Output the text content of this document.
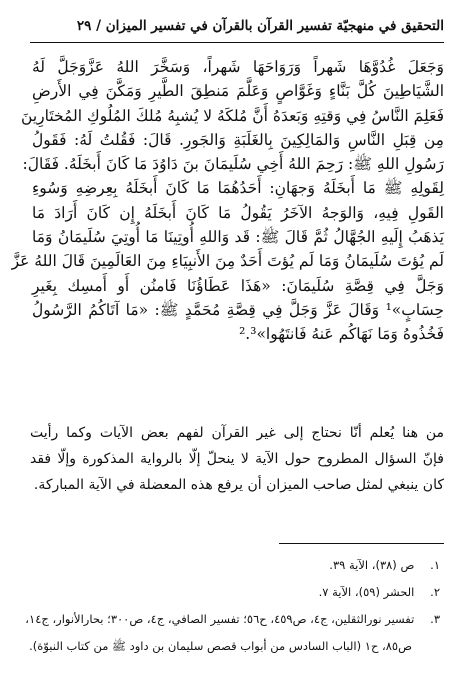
التحقيق في منهجيّة تفسير القرآن بالقرآن في تفسير الميزان / ٢٩
وَجَعَلَ غُدُوَّهَا شَهراً وَرَوَاحَهَا شَهراً، وَسَخَّرَ اللهُ عَزَّوَجَلَّ لَهُ
الشَّيَاطِينَ كُلَّ بَنَّاءٍ وَغَوَّاصٍ وَعَلَّمَ مَنطِقَ الطَّيرِ وَمَكَّنَ فِي الأَرضِ
فَعَلِمَ النَّاسُ فِي وَقتِهِ وَبَعدَهُ أَنَّ مُلكَهُ لا يُشبِهُ مُلكَ المُلُوكِ المُختَارِينَ
مِن قِبَلِ النَّاسِ وَالمَالِكِينَ بِالغَلَبَةِ وَالجَورِ. قَالَ: فَقُلتُ لَهُ: فَقَولُ
رَسُولِ اللهِ ﷺ: رَحِمَ اللهُ أَخِي سُلَيمَانَ بنَ دَاوُدَ مَا كَانَ أَبخَلَهُ. فَقَالَ:
لِقَولِهِ ﷺ مَا أَبخَلَهُ وَجهَانِ: أَحَدُهُمَا مَا كَانَ أَبخَلَهُ بِعِرضِهِ وَسُوءِ
القَولِ فِيهِ، وَالوَجهُ الآخَرُ يَقُولُ مَا كَانَ أَبخَلَهُ إِن كَانَ أَرَادَ مَا
يَذهَبُ إِلَيهِ الجُهَّالُ ثُمَّ قَالَ ﷺ: قَد وَاللهِ أُوتِينَا مَا أُوتِيَ سُلَيمَانُ وَمَا
لَم يُؤتَ سُلَيمَانُ وَمَا لَم يُؤتَ أَحَدٌ مِنَ الأَنبِيَاءِ مِنَ العَالَمِينَ قَالَ اللهُ عَزَّ
وَجَلَّ فِي قِصَّةِ سُلَيمَانَ: «هَذَا عَطَاؤُنَا فَامنُن أَو أَمسِك بِغَيرِ
حِسَابٍ»¹ وَقَالَ عَزَّ وَجَلَّ فِي قِصَّةِ مُحَمَّدٍ ﷺ: «مَا آتَاكُمُ الرَّسُولُ
فَخُذُوهُ وَمَا نَهَاكُم عَنهُ فَانتَهُوا»².³
من هنا يُعلم أنّا نحتاج إلى غير القرآن لفهم بعض الآيات وكما رأيت
فإنّ السؤال المطروح حول الآية لا ينحلّ إلّا بالرواية المذكورة وإلّا فقد
كان ينبغي لمثل صاحب الميزان أن يرفع هذه المعضلة في الآية المباركة.
١. ص (٣٨)، الآية ٣٩.
٢. الحشر (٥٩)، الآية ٧.
٣. تفسير نورالثقلين، ج٤، ص٤٥٩، ح٥٦؛ تفسير الصافي، ج٤، ص٣٠٠؛ بحارالأنوار، ج١٤،
ص٨٥، ح١ (الباب السادس من أبواب قصص سليمان بن داود ﷺ من كتاب النبوّة).
